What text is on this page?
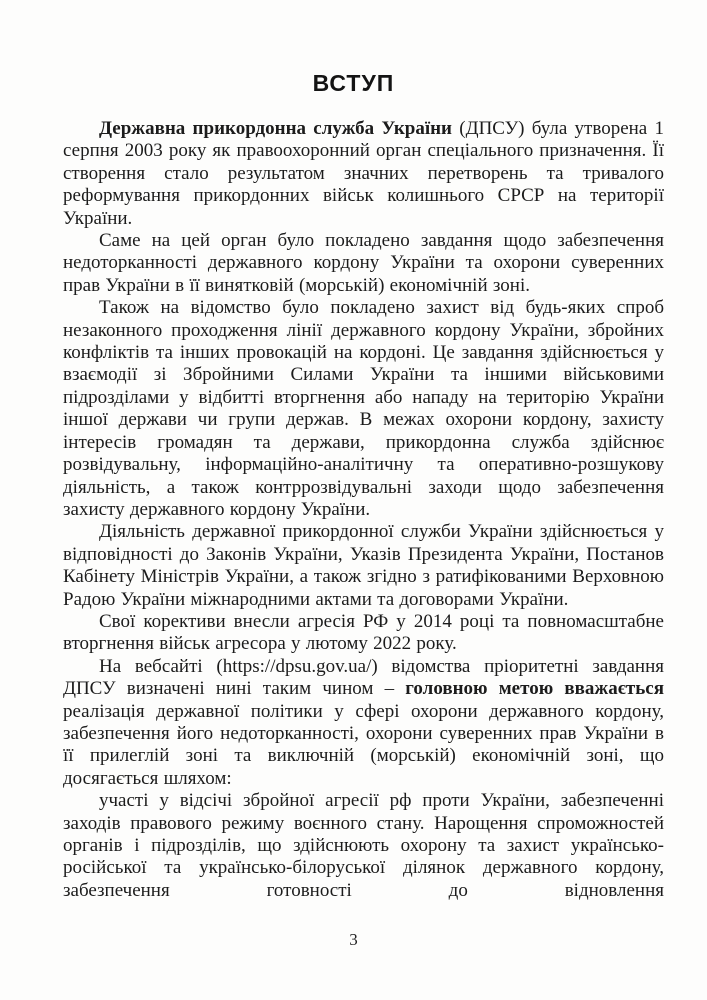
ВСТУП

Державна прикордонна служба України (ДПСУ) була утворена 1 серпня 2003 року як правоохоронний орган спеціального призначення. Її створення стало результатом значних перетворень та тривалого реформування прикордонних військ колишнього СРСР на території України.

Саме на цей орган було покладено завдання щодо забезпечення недоторканності державного кордону України та охорони суверенних прав України в її винятковій (морській) економічній зоні.

Також на відомство було покладено захист від будь-яких спроб незаконного проходження лінії державного кордону України, збройних конфліктів та інших провокацій на кордоні. Це завдання здійснюється у взаємодії зі Збройними Силами України та іншими військовими підрозділами у відбитті вторгнення або нападу на територію України іншої держави чи групи держав. В межах охорони кордону, захисту інтересів громадян та держави, прикордонна служба здійснює розвідувальну, інформаційно-аналітичну та оперативно-розшукову діяльність, а також контррозвідувальні заходи щодо забезпечення захисту державного кордону України.

Діяльність державної прикордонної служби України здійснюється у відповідності до Законів України, Указів Президента України, Постанов Кабінету Міністрів України, а також згідно з ратифікованими Верховною Радою України міжнародними актами та договорами України.

Свої корективи внесли агресія РФ у 2014 році та повномасштабне вторгнення військ агресора у лютому 2022 року.

На вебсайті (https://dpsu.gov.ua/) відомства пріоритетні завдання ДПСУ визначені нині таким чином – головною метою вважається реалізація державної політики у сфері охорони державного кордону, забезпечення його недоторканності, охорони суверенних прав України в її прилеглій зоні та виключній (морській) економічній зоні, що досягається шляхом:

участі у відсічі збройної агресії рф проти України, забезпеченні заходів правового режиму воєнного стану. Нарощення спроможностей органів і підрозділів, що здійснюють охорону та захист українсько-російської та українсько-білоруської ділянок державного кордону, забезпечення готовності до відновлення

3
